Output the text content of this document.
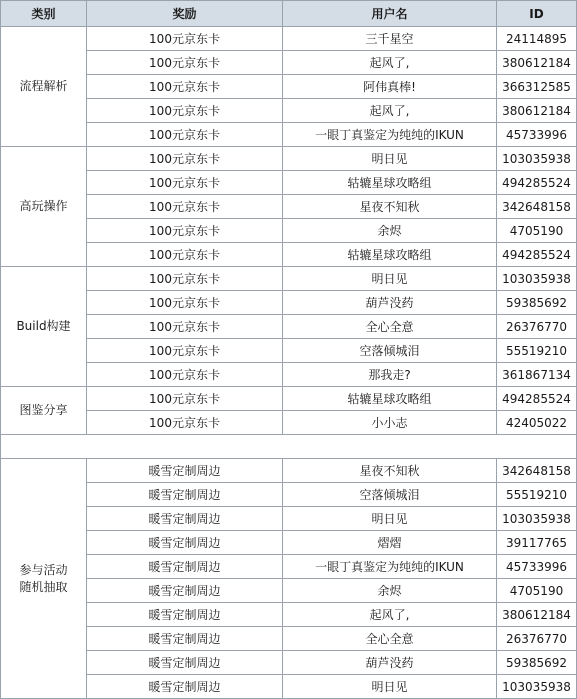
类别	奖励	用户名	ID
流程解析	100元京东卡	三千星空	24114895
	100元京东卡	起风了,	380612184
	100元京东卡	阿伟真棒!	366312585
	100元京东卡	起风了,	380612184
	100元京东卡	一眼丁真鉴定为纯纯的IKUN	45733996
高玩操作	100元京东卡	明日见	103035938
	100元京东卡	轱辘星球攻略组	494285524
	100元京东卡	星夜不知秋	342648158
	100元京东卡	余烬	4705190
	100元京东卡	轱辘星球攻略组	494285524
Build构建	100元京东卡	明日见	103035938
	100元京东卡	葫芦没药	59385692
	100元京东卡	全心全意	26376770
	100元京东卡	空落倾城泪	55519210
	100元京东卡	那我走?	361867134
图鉴分享	100元京东卡	轱辘星球攻略组	494285524
	100元京东卡	小小志	42405022

参与活动
随机抽取	暖雪定制周边	星夜不知秋	342648158
	暖雪定制周边	空落倾城泪	55519210
	暖雪定制周边	明日见	103035938
	暖雪定制周边	熠熠	39117765
	暖雪定制周边	一眼丁真鉴定为纯纯的IKUN	45733996
	暖雪定制周边	余烬	4705190
	暖雪定制周边	起风了,	380612184
	暖雪定制周边	全心全意	26376770
	暖雪定制周边	葫芦没药	59385692
	暖雪定制周边	明日见	103035938
